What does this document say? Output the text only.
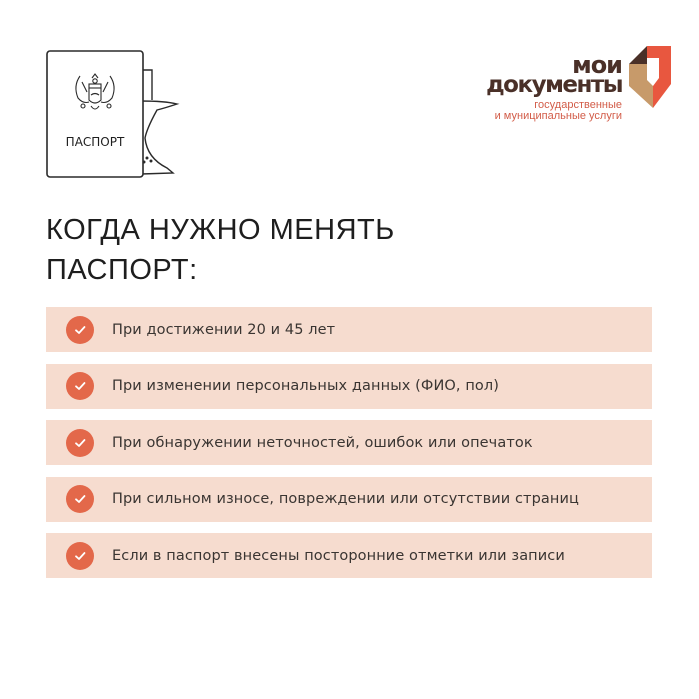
ПАСПОРТ
мои
документы
государственные
и муниципальные услуги
КОГДА НУЖНО МЕНЯТЬ
ПАСПОРТ:
При достижении 20 и 45 лет
При изменении персональных данных (ФИО, пол)
При обнаружении неточностей, ошибок или опечаток
При сильном износе, повреждении или отсутствии страниц
Если в паспорт внесены посторонние отметки или записи
